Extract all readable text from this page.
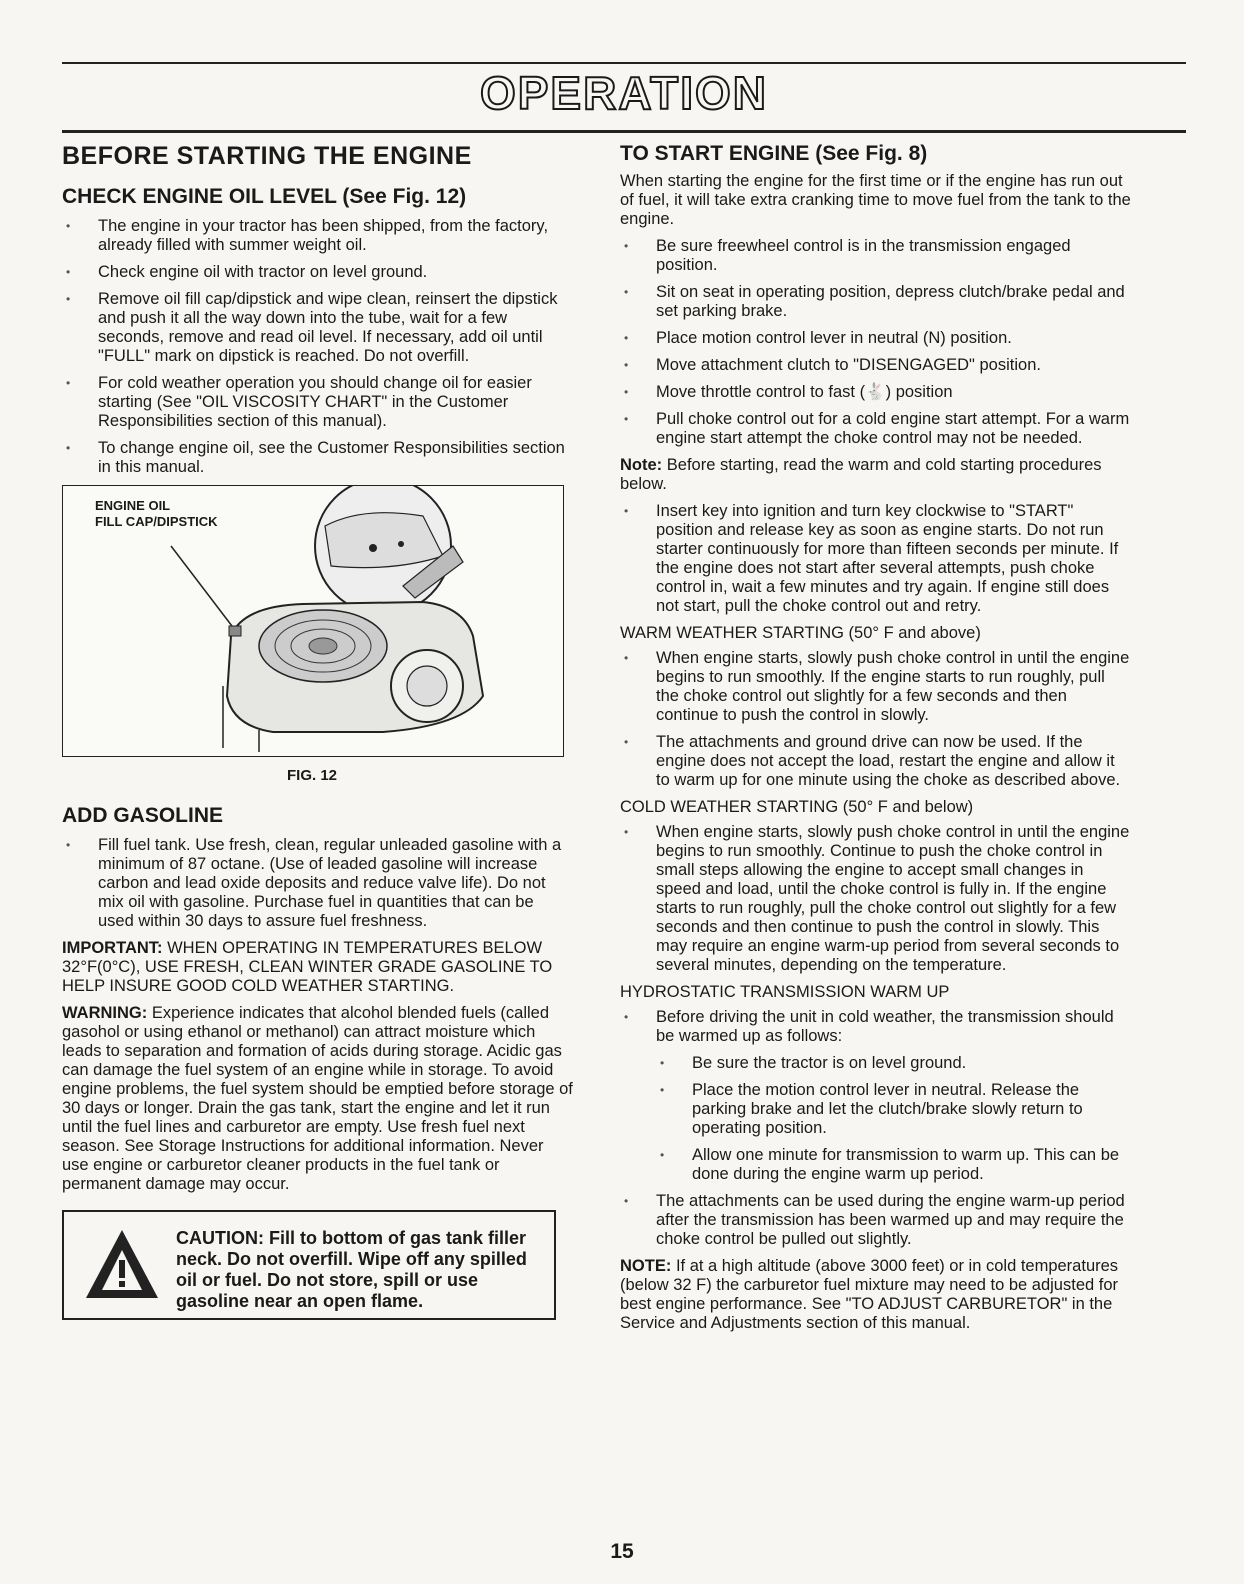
OPERATION
BEFORE STARTING THE ENGINE
CHECK ENGINE OIL LEVEL (See Fig. 12)
• The engine in your tractor has been shipped, from the factory, already filled with summer weight oil.
• Check engine oil with tractor on level ground.
• Remove oil fill cap/dipstick and wipe clean, reinsert the dipstick and push it all the way down into the tube, wait for a few seconds, remove and read oil level. If necessary, add oil until "FULL" mark on dipstick is reached. Do not overfill.
• For cold weather operation you should change oil for easier starting (See "OIL VISCOSITY CHART" in the Customer Responsibilities section of this manual).
• To change engine oil, see the Customer Responsibilities section in this manual.
ENGINE OIL
FILL CAP/DIPSTICK
FIG. 12
ADD GASOLINE
• Fill fuel tank. Use fresh, clean, regular unleaded gasoline with a minimum of 87 octane. (Use of leaded gasoline will increase carbon and lead oxide deposits and reduce valve life). Do not mix oil with gasoline. Purchase fuel in quantities that can be used within 30 days to assure fuel freshness.

IMPORTANT: WHEN OPERATING IN TEMPERATURES BELOW 32°F(0°C), USE FRESH, CLEAN WINTER GRADE GASOLINE TO HELP INSURE GOOD COLD WEATHER STARTING.

WARNING: Experience indicates that alcohol blended fuels (called gasohol or using ethanol or methanol) can attract moisture which leads to separation and formation of acids during storage. Acidic gas can damage the fuel system of an engine while in storage. To avoid engine problems, the fuel system should be emptied before storage of 30 days or longer. Drain the gas tank, start the engine and let it run until the fuel lines and carburetor are empty. Use fresh fuel next season. See Storage Instructions for additional information. Never use engine or carburetor cleaner products in the fuel tank or permanent damage may occur.

CAUTION: Fill to bottom of gas tank filler neck. Do not overfill. Wipe off any spilled oil or fuel. Do not store, spill or use gasoline near an open flame.
TO START ENGINE (See Fig. 8)

When starting the engine for the first time or if the engine has run out of fuel, it will take extra cranking time to move fuel from the tank to the engine.

• Be sure freewheel control is in the transmission engaged position.
• Sit on seat in operating position, depress clutch/brake pedal and set parking brake.
• Place motion control lever in neutral (N) position.
• Move attachment clutch to "DISENGAGED" position.
• Move throttle control to fast (🐇) position
• Pull choke control out for a cold engine start attempt. For a warm engine start attempt the choke control may not be needed.

Note: Before starting, read the warm and cold starting procedures below.

• Insert key into ignition and turn key clockwise to "START" position and release key as soon as engine starts. Do not run starter continuously for more than fifteen seconds per minute. If the engine does not start after several attempts, push choke control in, wait a few minutes and try again. If engine still does not start, pull the choke control out and retry.
WARM WEATHER STARTING (50° F and above)
• When engine starts, slowly push choke control in until the engine begins to run smoothly. If the engine starts to run roughly, pull the choke control out slightly for a few seconds and then continue to push the control in slowly.
• The attachments and ground drive can now be used. If the engine does not accept the load, restart the engine and allow it to warm up for one minute using the choke as described above.
COLD WEATHER STARTING (50° F and below)
• When engine starts, slowly push choke control in until the engine begins to run smoothly. Continue to push the choke control in small steps allowing the engine to accept small changes in speed and load, until the choke control is fully in. If the engine starts to run roughly, pull the choke control out slightly for a few seconds and then continue to push the control in slowly. This may require an engine warm-up period from several seconds to several minutes, depending on the temperature.
HYDROSTATIC TRANSMISSION WARM UP
• Before driving the unit in cold weather, the transmission should be warmed up as follows:
• Be sure the tractor is on level ground.
• Place the motion control lever in neutral. Release the parking brake and let the clutch/brake slowly return to operating position.
• Allow one minute for transmission to warm up. This can be done during the engine warm up period.
• The attachments can be used during the engine warm-up period after the transmission has been warmed up and may require the choke control be pulled out slightly.

NOTE: If at a high altitude (above 3000 feet) or in cold temperatures (below 32 F) the carburetor fuel mixture may need to be adjusted for best engine performance. See "TO ADJUST CARBURETOR" in the Service and Adjustments section of this manual.

15
